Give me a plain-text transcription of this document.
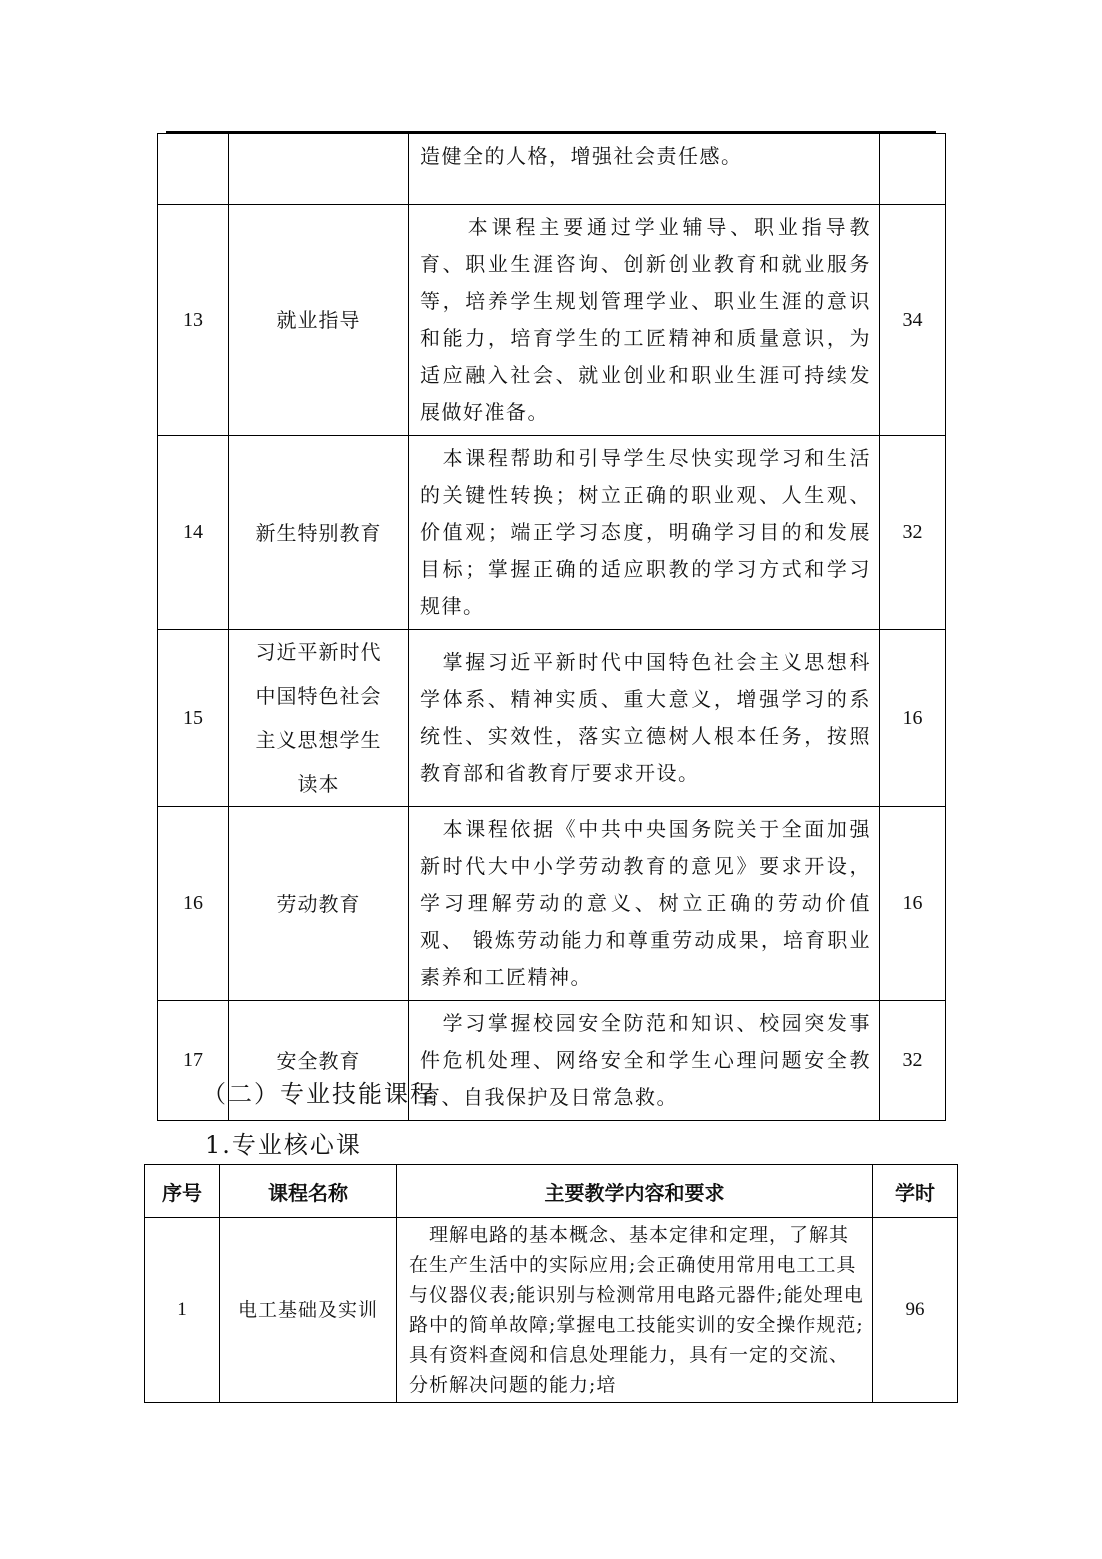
		造健全的人格，增强社会责任感。	
13	就业指导	　　本课程主要通过学业辅导、职业指导教育、职业生涯咨询、创新创业教育和就业服务等，培养学生规划管理学业、职业生涯的意识和能力，培育学生的工匠精神和质量意识，为适应融入社会、就业创业和职业生涯可持续发展做好准备。	34
14	新生特别教育	　本课程帮助和引导学生尽快实现学习和生活的关键性转换；树立正确的职业观、人生观、价值观；端正学习态度，明确学习目的和发展目标；掌握正确的适应职教的学习方式和学习规律。	32
15	习近平新时代中国特色社会主义思想学生读本	　掌握习近平新时代中国特色社会主义思想科学体系、精神实质、重大意义，增强学习的系统性、实效性，落实立德树人根本任务，按照教育部和省教育厅要求开设。	16
16	劳动教育	　本课程依据《中共中央国务院关于全面加强新时代大中小学劳动教育的意见》要求开设，学习理解劳动的意义、树立正确的劳动价值观、 锻炼劳动能力和尊重劳动成果，培育职业素养和工匠精神。	16
17	安全教育	　学习掌握校园安全防范和知识、校园突发事件危机处理、网络安全和学生心理问题安全教育、自我保护及日常急救。	32
（二）专业技能课程
1.专业核心课
序号	课程名称	主要教学内容和要求	学时
1	电工基础及实训	　理解电路的基本概念、基本定律和定理，了解其在生产生活中的实际应用;会正确使用常用电工工具与仪器仪表;能识别与检测常用电路元器件;能处理电路中的简单故障;掌握电工技能实训的安全操作规范;具有资料查阅和信息处理能力，具有一定的交流、分析解决问题的能力;培	96
